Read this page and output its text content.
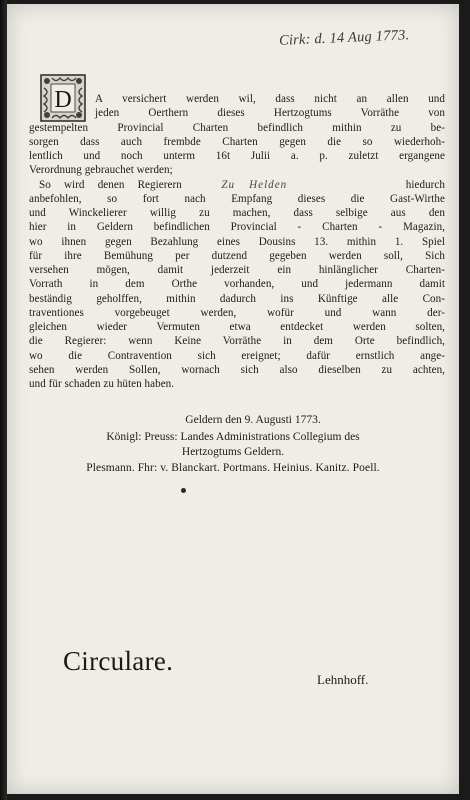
Cirk: d. 14 Aug 1773.
D	A versichert werden wil, dass nicht an allen und
jeden Oerthern dieses Hertzogtums Vorräthe von
gestempelten Provincial Charten befindlich mithin zu be-
sorgen dass auch frembde Charten gegen die so wiederhoh-
lentlich und noch unterm 16t Julii a. p. zuletzt ergangene
Verordnung gebrauchet werden;
So wird denen Regierern	Zu Helden	hiedurch
anbefohlen, so fort nach Empfang dieses die Gast-Wirthe
und Winckelierer willig zu machen, dass selbige aus den
hier in Geldern befindlichen Provincial - Charten - Magazin,
wo ihnen gegen Bezahlung eines Dousins 13. mithin 1. Spiel
für ihre Bemühung per dutzend gegeben werden soll, Sich
versehen mögen, damit jederzeit ein hinlänglicher Charten-
Vorrath in dem Orthe vorhanden, und jedermann damit
beständig geholffen, mithin dadurch ins Künftige alle Con-
traventiones vorgebeuget werden, wofür und wann der-
gleichen wieder Vermuten etwa entdecket werden solten,
die Regierer: wenn Keine Vorräthe in dem Orte befindlich,
wo die Contravention sich ereignet; dafür ernstlich ange-
sehen werden Sollen, wornach sich also dieselben zu achten,
und für schaden zu hüten haben.
Geldern den 9. Augusti 1773.
Königl: Preuss: Landes Administrations Collegium des
Hertzogtums Geldern.
Plesmann. Fhr: v. Blanckart. Portmans. Heinius. Kanitz. Poell.
Circulare.
Lehnhoff.
